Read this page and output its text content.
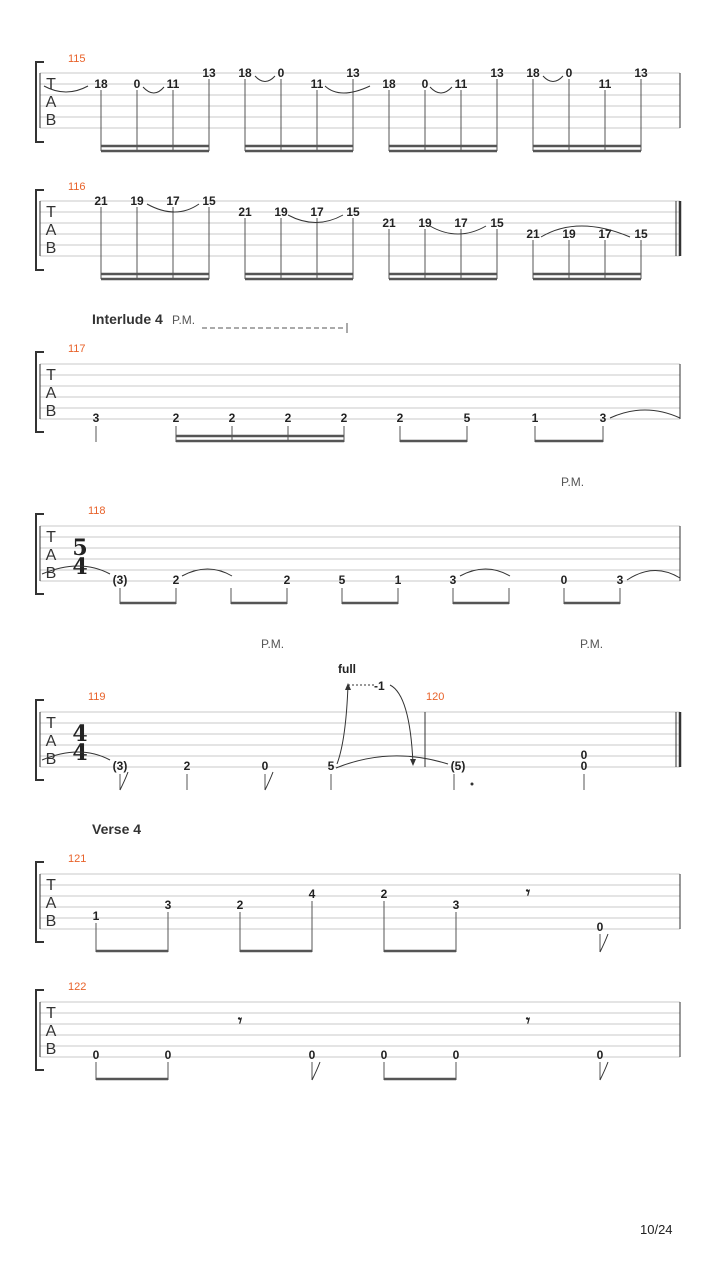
T
A
B
115
18 0 11
13 18 0
11
13
18 0 11
13 18 0
11
13
T
A
B
116
21 19 17 15
21 19 17 15
21 19 17 15
21 19 17 15
Interlude 4 P.M.
T
A
B
117
3	2	2	2	2	2	5	1	3
P.M.
T
A
B
118
5
4 (3)	2	2	5	1	3	0	3
P.M.	P.M.
full
-1
T
A
B
119	120
4
4 (3)	2	0	5	(5)
0
0
Verse 4
T
A
B
121
𝄾
1
3	2
4	2
3
0
T
A
B
122
𝄾	𝄾
0	0	0	0	0	0
10/24
